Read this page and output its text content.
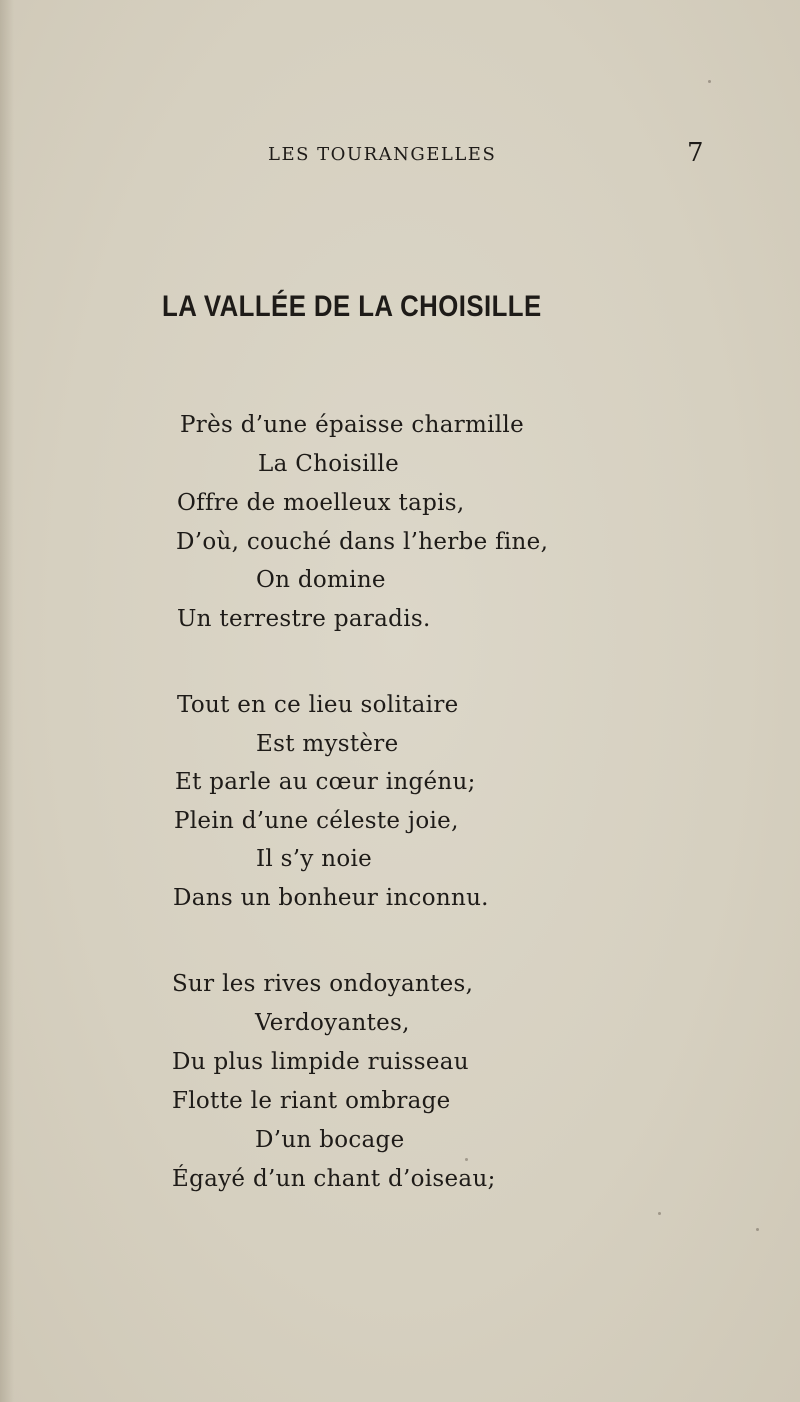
LES TOURANGELLES	7
LA VALLÉE DE LA CHOISILLE
Près d’une épaisse charmille
La Choisille
Offre de moelleux tapis,
D’où, couché dans l’herbe fine,
On domine
Un terrestre paradis.
Tout en ce lieu solitaire
Est mystère
Et parle au cœur ingénu;
Plein d’une céleste joie,
Il s’y noie
Dans un bonheur inconnu.
Sur les rives ondoyantes,
Verdoyantes,
Du plus limpide ruisseau
Flotte le riant ombrage
D’un bocage
Égayé d’un chant d’oiseau;
